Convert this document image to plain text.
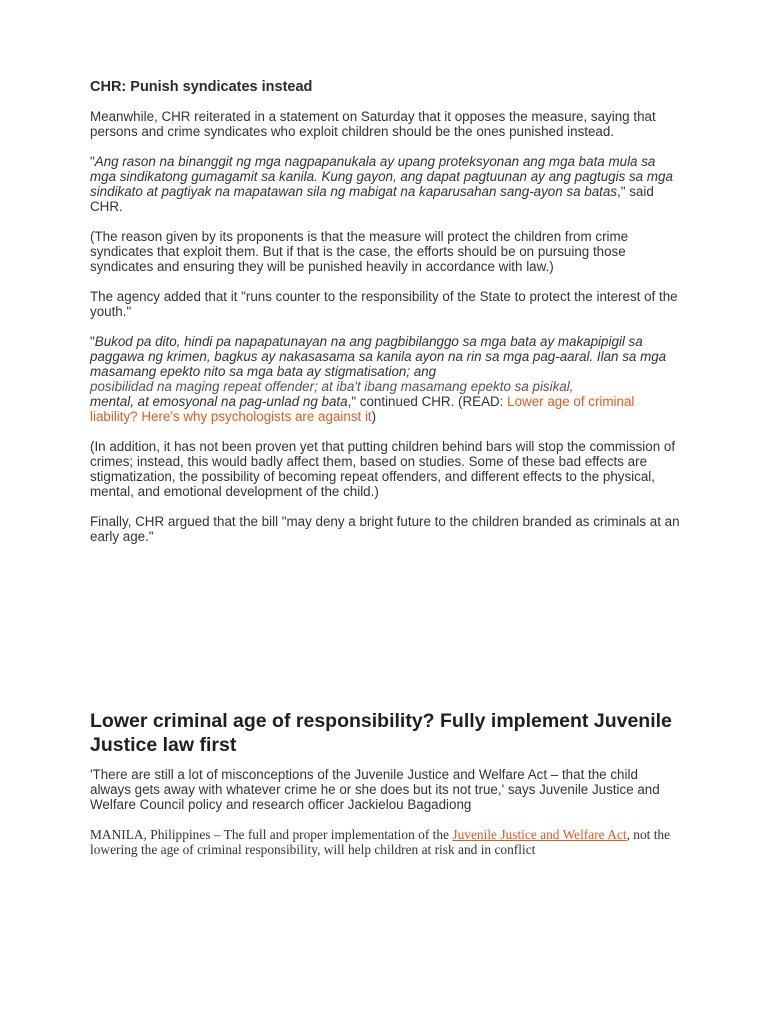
CHR: Punish syndicates instead

Meanwhile, CHR reiterated in a statement on Saturday that it opposes the measure, saying that persons and crime syndicates who exploit children should be the ones punished instead.

"Ang rason na binanggit ng mga nagpapanukala ay upang proteksyonan ang mga bata mula sa mga sindikatong gumagamit sa kanila. Kung gayon, ang dapat pagtuunan ay ang pagtugis sa mga sindikato at pagtiyak na mapatawan sila ng mabigat na kaparusahan sang-ayon sa batas," said CHR.

(The reason given by its proponents is that the measure will protect the children from crime syndicates that exploit them. But if that is the case, the efforts should be on pursuing those syndicates and ensuring they will be punished heavily in accordance with law.)

The agency added that it "runs counter to the responsibility of the State to protect the interest of the youth."

"Bukod pa dito, hindi pa napapatunayan na ang pagbibilanggo sa mga bata ay makapipigil sa paggawa ng krimen, bagkus ay nakasasama sa kanila ayon na rin sa mga pag-aaral. Ilan sa mga masamang epekto nito sa mga bata ay stigmatisation; ang
posibilidad na maging repeat offender; at iba't ibang masamang epekto sa pisikal,
mental, at emosyonal na pag-unlad ng bata," continued CHR. (READ: Lower age of criminal liability? Here's why psychologists are against it)

(In addition, it has not been proven yet that putting children behind bars will stop the commission of crimes; instead, this would badly affect them, based on studies. Some of these bad effects are stigmatization, the possibility of becoming repeat offenders, and different effects to the physical, mental, and emotional development of the child.)

Finally, CHR argued that the bill "may deny a bright future to the children branded as criminals at an early age."

Lower criminal age of responsibility? Fully implement Juvenile Justice law first

'There are still a lot of misconceptions of the Juvenile Justice and Welfare Act – that the child always gets away with whatever crime he or she does but its not true,' says Juvenile Justice and Welfare Council policy and research officer Jackielou Bagadiong

MANILA, Philippines – The full and proper implementation of the Juvenile Justice and Welfare Act, not the lowering the age of criminal responsibility, will help children at risk and in conflict
